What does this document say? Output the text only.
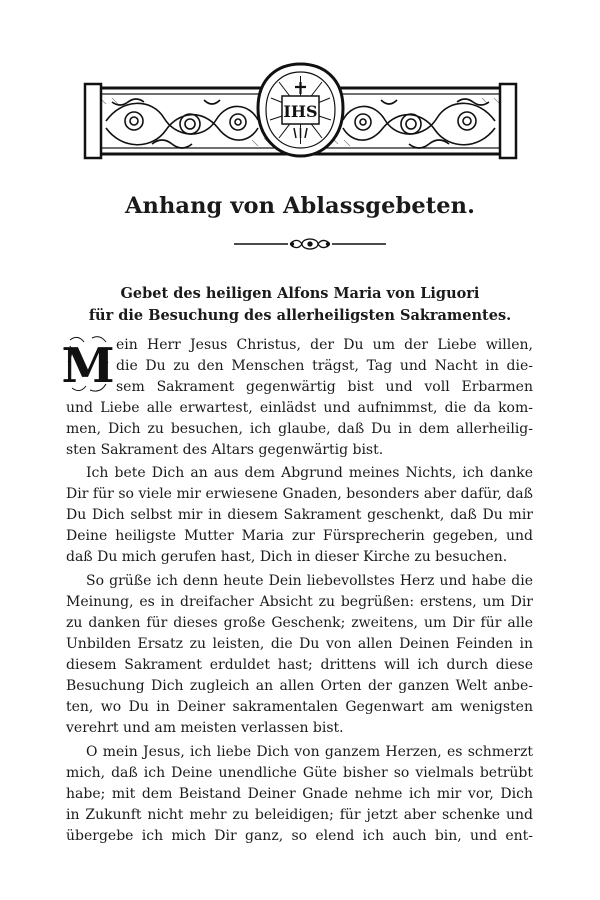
IHS
Anhang von Ablassgebeten.
Gebet des heiligen Alfons Maria von Liguori
für die Besuchung des allerheiligsten Sakramentes.
M ein Herr Jesus Christus, der Du um der Liebe willen,
die Du zu den Menschen trägst, Tag und Nacht in die-
sem Sakrament gegenwärtig bist und voll Erbarmen
und Liebe alle erwartest, einlädst und aufnimmst, die da kom-
men, Dich zu besuchen, ich glaube, daß Du in dem allerheilig-
sten Sakrament des Altars gegenwärtig bist.
Ich bete Dich an aus dem Abgrund meines Nichts, ich danke
Dir für so viele mir erwiesene Gnaden, besonders aber dafür, daß
Du Dich selbst mir in diesem Sakrament geschenkt, daß Du mir
Deine heiligste Mutter Maria zur Fürsprecherin gegeben, und
daß Du mich gerufen hast, Dich in dieser Kirche zu besuchen.
So grüße ich denn heute Dein liebevollstes Herz und habe die
Meinung, es in dreifacher Absicht zu begrüßen: erstens, um Dir
zu danken für dieses große Geschenk; zweitens, um Dir für alle
Unbilden Ersatz zu leisten, die Du von allen Deinen Feinden in
diesem Sakrament erduldet hast; drittens will ich durch diese
Besuchung Dich zugleich an allen Orten der ganzen Welt anbe-
ten, wo Du in Deiner sakramentalen Gegenwart am wenigsten
verehrt und am meisten verlassen bist.
O mein Jesus, ich liebe Dich von ganzem Herzen, es schmerzt
mich, daß ich Deine unendliche Güte bisher so vielmals betrübt
habe; mit dem Beistand Deiner Gnade nehme ich mir vor, Dich
in Zukunft nicht mehr zu beleidigen; für jetzt aber schenke und
übergebe ich mich Dir ganz, so elend ich auch bin, und ent-
